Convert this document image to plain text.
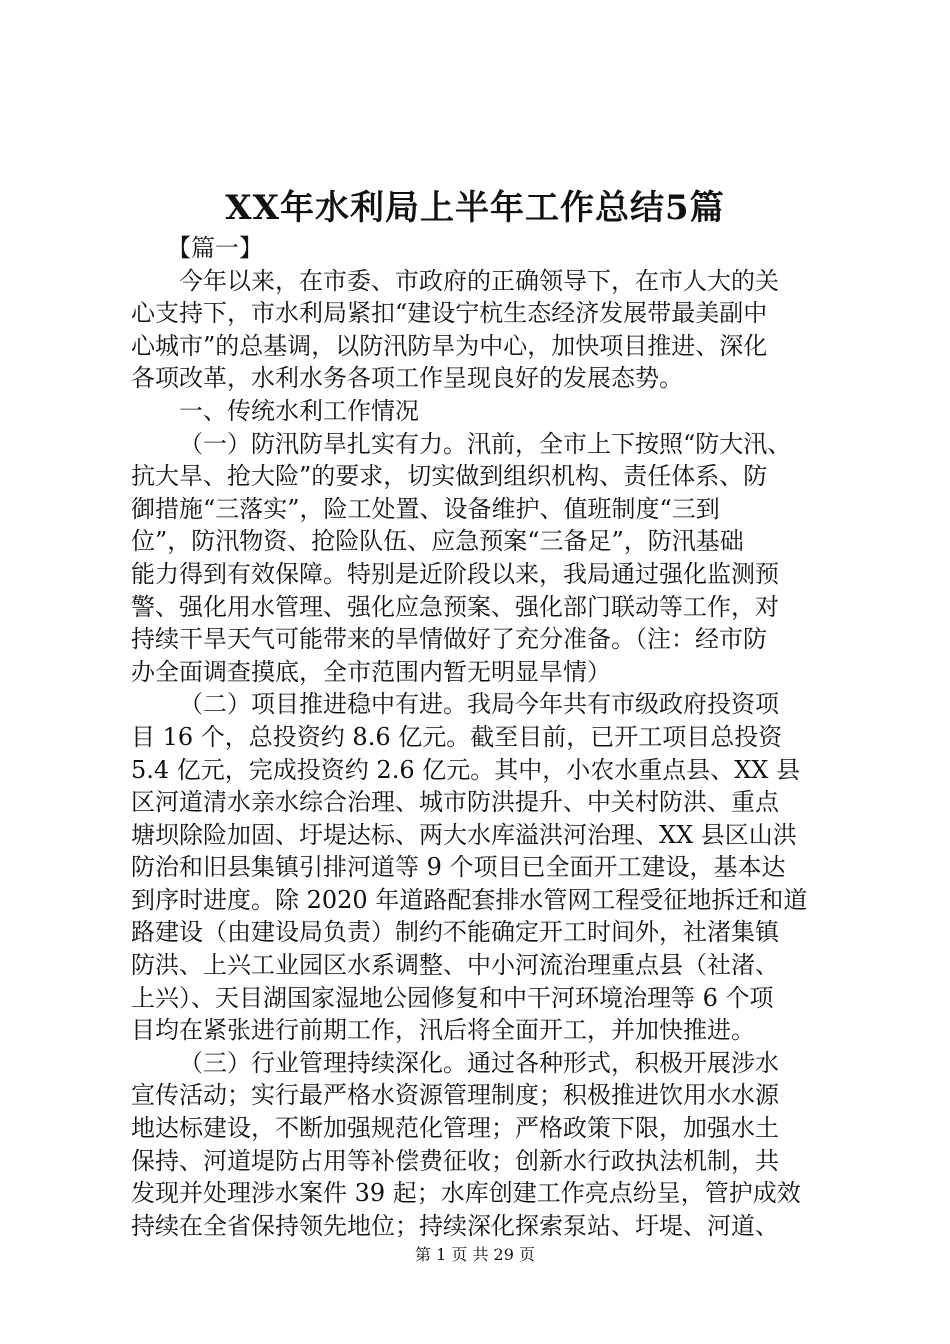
XX年水利局上半年工作总结5篇
【篇一】
今年以来，在市委、市政府的正确领导下，在市人大的关
心支持下，市水利局紧扣“建设宁杭生态经济发展带最美副中
心城市”的总基调，以防汛防旱为中心，加快项目推进、深化
各项改革，水利水务各项工作呈现良好的发展态势。
一、传统水利工作情况
（一）防汛防旱扎实有力。汛前，全市上下按照“防大汛、
抗大旱、抢大险”的要求，切实做到组织机构、责任体系、防
御措施“三落实”，险工处置、设备维护、值班制度“三到
位”，防汛物资、抢险队伍、应急预案“三备足”，防汛基础
能力得到有效保障。特别是近阶段以来，我局通过强化监测预
警、强化用水管理、强化应急预案、强化部门联动等工作，对
持续干旱天气可能带来的旱情做好了充分准备。（注：经市防
办全面调查摸底，全市范围内暂无明显旱情）
（二）项目推进稳中有进。我局今年共有市级政府投资项
目 16 个，总投资约 8.6 亿元。截至目前，已开工项目总投资
5.4 亿元，完成投资约 2.6 亿元。其中，小农水重点县、XX 县
区河道清水亲水综合治理、城市防洪提升、中关村防洪、重点
塘坝除险加固、圩堤达标、两大水库溢洪河治理、XX 县区山洪
防治和旧县集镇引排河道等 9 个项目已全面开工建设，基本达
到序时进度。除 2020 年道路配套排水管网工程受征地拆迁和道
路建设（由建设局负责）制约不能确定开工时间外，社渚集镇
防洪、上兴工业园区水系调整、中小河流治理重点县（社渚、
上兴）、天目湖国家湿地公园修复和中干河环境治理等 6 个项
目均在紧张进行前期工作，汛后将全面开工，并加快推进。
（三）行业管理持续深化。通过各种形式，积极开展涉水
宣传活动；实行最严格水资源管理制度；积极推进饮用水水源
地达标建设，不断加强规范化管理；严格政策下限，加强水土
保持、河道堤防占用等补偿费征收；创新水行政执法机制，共
发现并处理涉水案件 39 起；水库创建工作亮点纷呈，管护成效
持续在全省保持领先地位；持续深化探索泵站、圩堤、河道、
第 1 页 共 29 页
